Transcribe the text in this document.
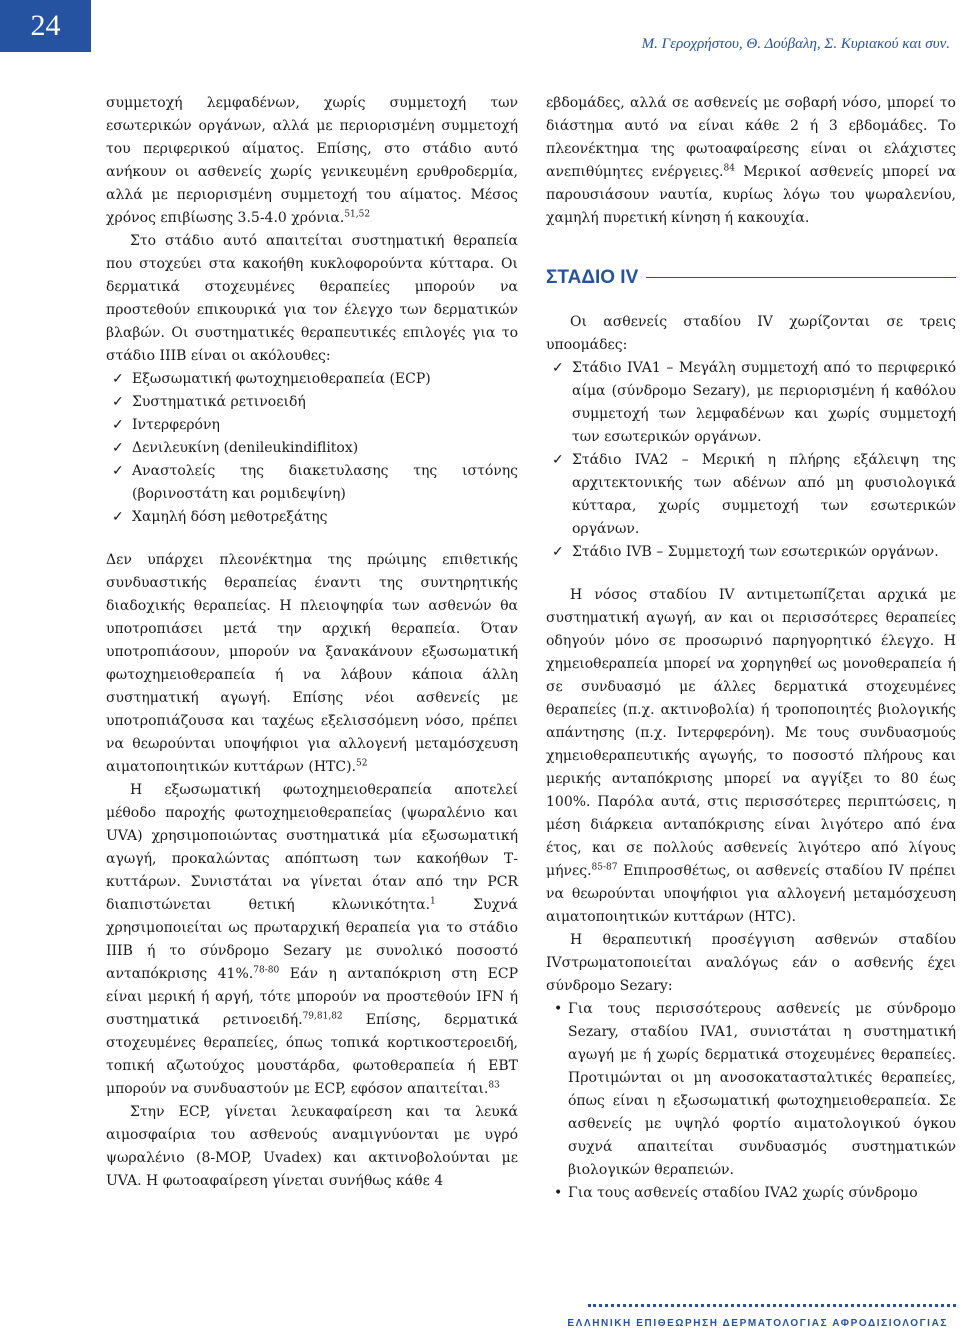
24
Μ. Γεροχρήστου, Θ. Δούβαλη, Σ. Κυριακού και συν.

συμμετοχή λεμφαδένων, χωρίς συμμετοχή των εσωτερικών οργάνων, αλλά με περιορισμένη συμμετοχή του περιφερικού αίματος. Επίσης, στο στάδιο αυτό ανήκουν οι ασθενείς χωρίς γενικευμένη ερυθροδερμία, αλλά με περιορισμένη συμμετοχή του αίματος. Μέσος χρόνος επιβίωσης 3.5-4.0 χρόνια.$^{51,52}$

Στο στάδιο αυτό απαιτείται συστηματική θεραπεία που στοχεύει στα κακοήθη κυκλοφορούντα κύτταρα. Οι δερματικά στοχευμένες θεραπείες μπορούν να προστεθούν επικουρικά για τον έλεγχο των δερματικών βλαβών. Οι συστηματικές θεραπευτικές επιλογές για το στάδιο IIIB είναι οι ακόλουθες:

✓ Εξωσωματική φωτοχημειοθεραπεία (ECP)
✓ Συστηματικά ρετινοειδή
✓ Ιντερφερόνη
✓ Δενιλευκίνη (denileukindiflitox)
✓ Αναστολείς της διακετυλασης της ιστόνης (βορινοστάτη και ρομιδεψίνη)
✓ Χαμηλή δόση μεθοτρεξάτης

Δεν υπάρχει πλεονέκτημα της πρώιμης επιθετικής συνδυαστικής θεραπείας έναντι της συντηρητικής διαδοχικής θεραπείας. Η πλειοψηφία των ασθενών θα υποτροπιάσει μετά την αρχική θεραπεία. Όταν υποτροπιάσουν, μπορούν να ξανακάνουν εξωσωματική φωτοχημειοθεραπεία ή να λάβουν κάποια άλλη συστηματική αγωγή. Επίσης νέοι ασθενείς με υποτροπιάζουσα και ταχέως εξελισσόμενη νόσο, πρέπει να θεωρούνται υποψήφιοι για αλλογενή μεταμόσχευση αιματοποιητικών κυττάρων (HTC).$^{52}$

Η εξωσωματική φωτοχημειοθεραπεία αποτελεί μέθοδο παροχής φωτοχημειοθεραπείας (ψωραλένιο και UVA) χρησιμοποιώντας συστηματικά μία εξωσωματική αγωγή, προκαλώντας απόπτωση των κακοήθων Τ-κυττάρων. Συνιστάται να γίνεται όταν από την PCR διαπιστώνεται θετική κλωνικότητα.$^1$ Συχνά χρησιμοποιείται ως πρωταρχική θεραπεία για το στάδιο IIIB ή το σύνδρομο Sezary με συνολικό ποσοστό ανταπόκρισης 41%.$^{78-80}$ Εάν η ανταπόκριση στη ECP είναι μερική ή αργή, τότε μπορούν να προστεθούν IFN ή συστηματικά ρετινοειδή.$^{79,81,82}$ Επίσης, δερματικά στοχευμένες θεραπείες, όπως τοπικά κορτικοστεροειδή, τοπική αζωτούχος μουστάρδα, φωτοθεραπεία ή EBT μπορούν να συνδυαστούν με ECP, εφόσον απαιτείται.$^{83}$

Στην ECP, γίνεται λευκαφαίρεση και τα λευκά αιμοσφαίρια του ασθενούς αναμιγνύονται με υγρό ψωραλένιο (8-MOP, Uvadex) και ακτινοβολούνται με UVA. Η φωτοαφαίρεση γίνεται συνήθως κάθε 4

εβδομάδες, αλλά σε ασθενείς με σοβαρή νόσο, μπορεί το διάστημα αυτό να είναι κάθε 2 ή 3 εβδομάδες. Το πλεονέκτημα της φωτοαφαίρεσης είναι οι ελάχιστες ανεπιθύμητες ενέργειες.$^{84}$ Μερικοί ασθενείς μπορεί να παρουσιάσουν ναυτία, κυρίως λόγω του ψωραλενίου, χαμηλή πυρετική κίνηση ή κακουχία.

ΣΤΑΔΙΟ IV

Οι ασθενείς σταδίου IV χωρίζονται σε τρεις υποομάδες:

✓ Στάδιο IVA1 – Μεγάλη συμμετοχή από το περιφερικό αίμα (σύνδρομο Sezary), με περιορισμένη ή καθόλου συμμετοχή των λεμφαδένων και χωρίς συμμετοχή των εσωτερικών οργάνων.
✓ Στάδιο IVA2 – Μερική η πλήρης εξάλειψη της αρχιτεκτονικής των αδένων από μη φυσιολογικά κύτταρα, χωρίς συμμετοχή των εσωτερικών οργάνων.
✓ Στάδιο IVB – Συμμετοχή των εσωτερικών οργάνων.

Η νόσος σταδίου IV αντιμετωπίζεται αρχικά με συστηματική αγωγή, αν και οι περισσότερες θεραπείες οδηγούν μόνο σε προσωρινό παρηγορητικό έλεγχο. Η χημειοθεραπεία μπορεί να χορηγηθεί ως μονοθεραπεία ή σε συνδυασμό με άλλες δερματικά στοχευμένες θεραπείες (π.χ. ακτινοβολία) ή τροποποιητές βιολογικής απάντησης (π.χ. Ιντερφερόνη). Με τους συνδυασμούς χημειοθεραπευτικής αγωγής, το ποσοστό πλήρους και μερικής ανταπόκρισης μπορεί να αγγίξει το 80 έως 100%. Παρόλα αυτά, στις περισσότερες περιπτώσεις, η μέση διάρκεια ανταπόκρισης είναι λιγότερο από ένα έτος, και σε πολλούς ασθενείς λιγότερο από λίγους μήνες.$^{85-87}$ Επιπροσθέτως, οι ασθενείς σταδίου IV πρέπει να θεωρούνται υποψήφιοι για αλλογενή μεταμόσχευση αιματοποιητικών κυττάρων (HTC).

Η θεραπευτική προσέγγιση ασθενών σταδίου IVστρωματοποιείται αναλόγως εάν ο ασθενής έχει σύνδρομο Sezary:

• Για τους περισσότερους ασθενείς με σύνδρομο Sezary, σταδίου IVA1, συνιστάται η συστηματική αγωγή με ή χωρίς δερματικά στοχευμένες θεραπείες. Προτιμώνται οι μη ανοσοκατασταλτικές θεραπείες, όπως είναι η εξωσωματική φωτοχημειοθεραπεία. Σε ασθενείς με υψηλό φορτίο αιματολογικού όγκου συχνά απαιτείται συνδυασμός συστηματικών βιολογικών θεραπειών.
• Για τους ασθενείς σταδίου IVA2 χωρίς σύνδρομο
ΕΛΛΗΝΙΚΗ ΕΠΙΘΕΩΡΗΣΗ ΔΕΡΜΑΤΟΛΟΓΙΑΣ ΑΦΡΟΔΙΣΙΟΛΟΓΙΑΣ
